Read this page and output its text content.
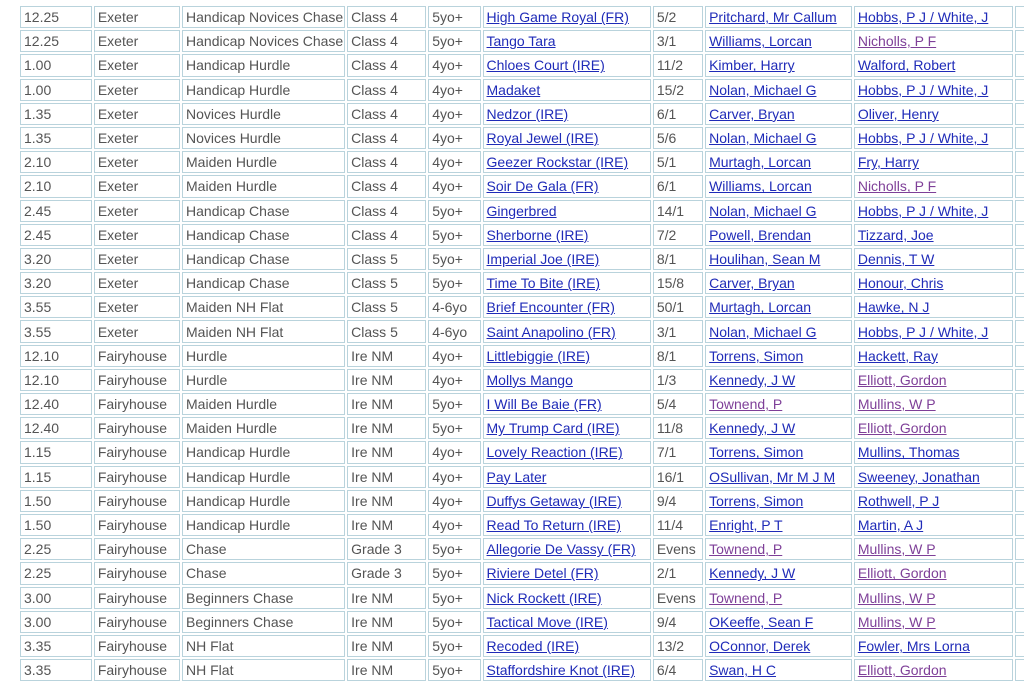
12.25	Exeter	Handicap Novices Chase	Class 4	5yo+	High Game Royal (FR)	5/2	Pritchard, Mr Callum	Hobbs, P J / White, J	
12.25	Exeter	Handicap Novices Chase	Class 4	5yo+	Tango Tara	3/1	Williams, Lorcan	Nicholls, P F	
1.00	Exeter	Handicap Hurdle	Class 4	4yo+	Chloes Court (IRE)	11/2	Kimber, Harry	Walford, Robert	
1.00	Exeter	Handicap Hurdle	Class 4	4yo+	Madaket	15/2	Nolan, Michael G	Hobbs, P J / White, J	
1.35	Exeter	Novices Hurdle	Class 4	4yo+	Nedzor (IRE)	6/1	Carver, Bryan	Oliver, Henry	
1.35	Exeter	Novices Hurdle	Class 4	4yo+	Royal Jewel (IRE)	5/6	Nolan, Michael G	Hobbs, P J / White, J	
2.10	Exeter	Maiden Hurdle	Class 4	4yo+	Geezer Rockstar (IRE)	5/1	Murtagh, Lorcan	Fry, Harry	
2.10	Exeter	Maiden Hurdle	Class 4	4yo+	Soir De Gala (FR)	6/1	Williams, Lorcan	Nicholls, P F	
2.45	Exeter	Handicap Chase	Class 4	5yo+	Gingerbred	14/1	Nolan, Michael G	Hobbs, P J / White, J	
2.45	Exeter	Handicap Chase	Class 4	5yo+	Sherborne (IRE)	7/2	Powell, Brendan	Tizzard, Joe	
3.20	Exeter	Handicap Chase	Class 5	5yo+	Imperial Joe (IRE)	8/1	Houlihan, Sean M	Dennis, T W	
3.20	Exeter	Handicap Chase	Class 5	5yo+	Time To Bite (IRE)	15/8	Carver, Bryan	Honour, Chris	
3.55	Exeter	Maiden NH Flat	Class 5	4-6yo	Brief Encounter (FR)	50/1	Murtagh, Lorcan	Hawke, N J	
3.55	Exeter	Maiden NH Flat	Class 5	4-6yo	Saint Anapolino (FR)	3/1	Nolan, Michael G	Hobbs, P J / White, J	
12.10	Fairyhouse	Hurdle	Ire NM	4yo+	Littlebiggie (IRE)	8/1	Torrens, Simon	Hackett, Ray	
12.10	Fairyhouse	Hurdle	Ire NM	4yo+	Mollys Mango	1/3	Kennedy, J W	Elliott, Gordon	
12.40	Fairyhouse	Maiden Hurdle	Ire NM	5yo+	I Will Be Baie (FR)	5/4	Townend, P	Mullins, W P	
12.40	Fairyhouse	Maiden Hurdle	Ire NM	5yo+	My Trump Card (IRE)	11/8	Kennedy, J W	Elliott, Gordon	
1.15	Fairyhouse	Handicap Hurdle	Ire NM	4yo+	Lovely Reaction (IRE)	7/1	Torrens, Simon	Mullins, Thomas	
1.15	Fairyhouse	Handicap Hurdle	Ire NM	4yo+	Pay Later	16/1	OSullivan, Mr M J M	Sweeney, Jonathan	
1.50	Fairyhouse	Handicap Hurdle	Ire NM	4yo+	Duffys Getaway (IRE)	9/4	Torrens, Simon	Rothwell, P J	
1.50	Fairyhouse	Handicap Hurdle	Ire NM	4yo+	Read To Return (IRE)	11/4	Enright, P T	Martin, A J	
2.25	Fairyhouse	Chase	Grade 3	5yo+	Allegorie De Vassy (FR)	Evens	Townend, P	Mullins, W P	
2.25	Fairyhouse	Chase	Grade 3	5yo+	Riviere Detel (FR)	2/1	Kennedy, J W	Elliott, Gordon	
3.00	Fairyhouse	Beginners Chase	Ire NM	5yo+	Nick Rockett (IRE)	Evens	Townend, P	Mullins, W P	
3.00	Fairyhouse	Beginners Chase	Ire NM	5yo+	Tactical Move (IRE)	9/4	OKeeffe, Sean F	Mullins, W P	
3.35	Fairyhouse	NH Flat	Ire NM	5yo+	Recoded (IRE)	13/2	OConnor, Derek	Fowler, Mrs Lorna	
3.35	Fairyhouse	NH Flat	Ire NM	5yo+	Staffordshire Knot (IRE)	6/4	Swan, H C	Elliott, Gordon	
